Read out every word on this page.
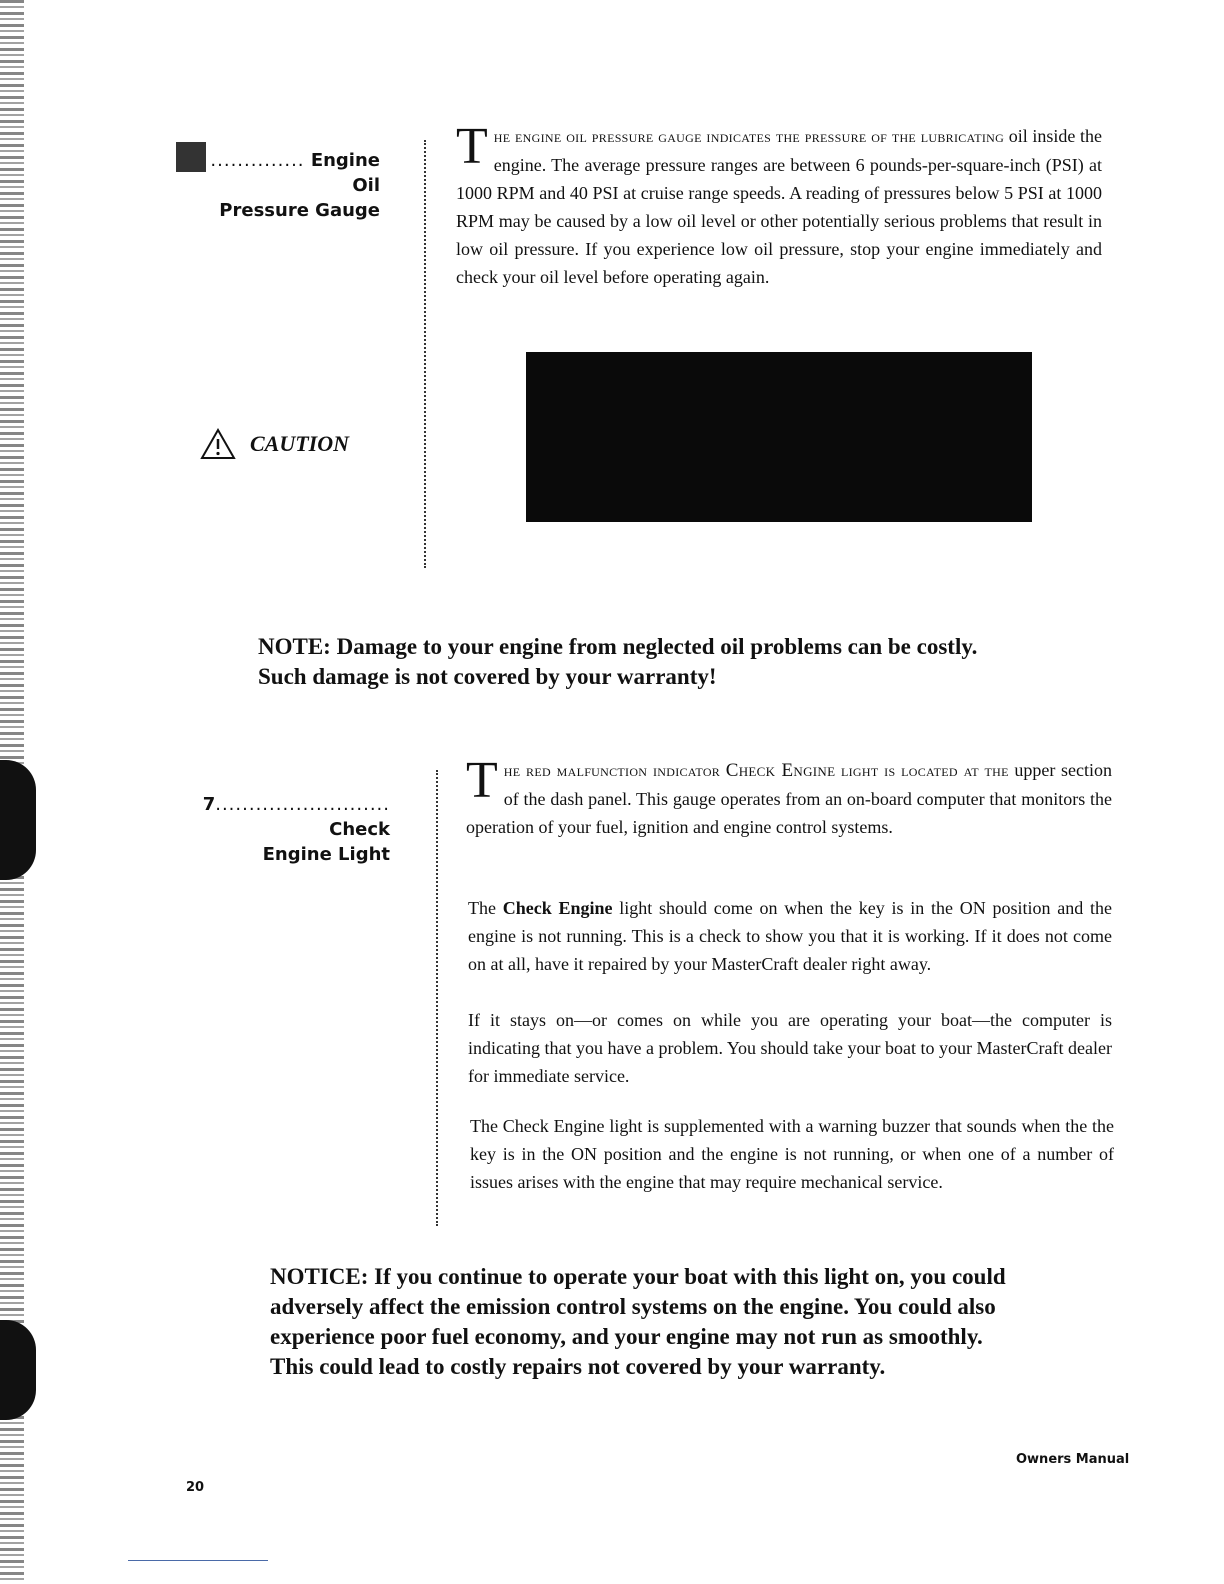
.............. Engine Oil
Pressure Gauge

The engine oil pressure gauge indicates the pressure of the lubricating oil inside the engine. The average pressure ranges are between 6 pounds-per-square-inch (PSI) at 1000 RPM and 40 PSI at cruise range speeds. A reading of pressures below 5 PSI at 1000 RPM may be caused by a low oil level or other potentially serious problems that result in low oil pressure. If you experience low oil pressure, stop your engine immediately and check your oil level before operating again.

CAUTION

NOTE: Damage to your engine from neglected oil problems can be costly. Such damage is not covered by your warranty!

7.......................... Check
Engine Light

The red malfunction indicator Check Engine light is located at the upper section of the dash panel. This gauge operates from an on-board computer that monitors the operation of your fuel, ignition and engine control systems.

The Check Engine light should come on when the key is in the ON position and the engine is not running. This is a check to show you that it is working. If it does not come on at all, have it repaired by your MasterCraft dealer right away.

If it stays on—or comes on while you are operating your boat—the computer is indicating that you have a problem. You should take your boat to your MasterCraft dealer for immediate service.

The Check Engine light is supplemented with a warning buzzer that sounds when the the key is in the ON position and the engine is not running, or when one of a number of issues arises with the engine that may require mechanical service.

NOTICE: If you continue to operate your boat with this light on, you could adversely affect the emission control systems on the engine. You could also experience poor fuel economy, and your engine may not run as smoothly. This could lead to costly repairs not covered by your warranty.

Owners Manual
20
